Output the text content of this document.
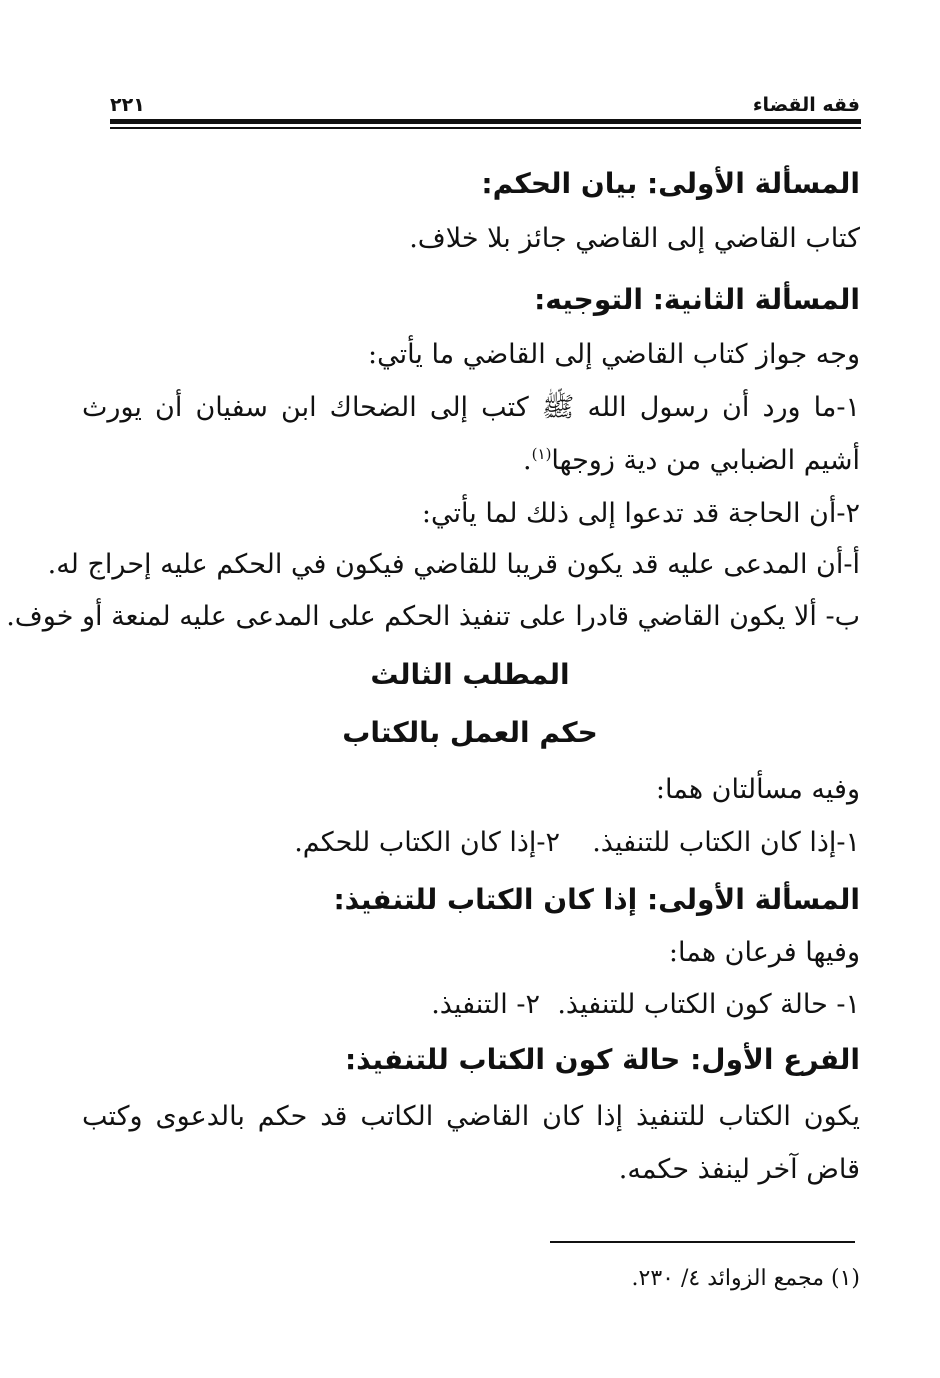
فقه القضاء
٢٢١
المسألة الأولى: بيان الحكم:
كتاب القاضي إلى القاضي جائز بلا خلاف.
المسألة الثانية: التوجيه:
وجه جواز كتاب القاضي إلى القاضي ما يأتي:
١-ما ورد أن رسول الله ﷺ كتب إلى الضحاك ابن سفيان أن يورث
أشيم الضبابي من دية زوجها$^{(١)}$.
٢-أن الحاجة قد تدعوا إلى ذلك لما يأتي:
أ-أن المدعى عليه قد يكون قريبا للقاضي فيكون في الحكم عليه إحراج له.
ب- ألا يكون القاضي قادرا على تنفيذ الحكم على المدعى عليه لمنعة أو خوف.
المطلب الثالث
حكم العمل بالكتاب
وفيه مسألتان هما:
١-إذا كان الكتاب للتنفيذ.٢-إذا كان الكتاب للحكم.
المسألة الأولى: إذا كان الكتاب للتنفيذ:
وفيها فرعان هما:
١- حالة كون الكتاب للتنفيذ.٢- التنفيذ.
الفرع الأول: حالة كون الكتاب للتنفيذ:
يكون الكتاب للتنفيذ إذا كان القاضي الكاتب قد حكم بالدعوى وكتب
قاض آخر لينفذ حكمه.
(١) مجمع الزوائد ٤/ ٢٣٠.
